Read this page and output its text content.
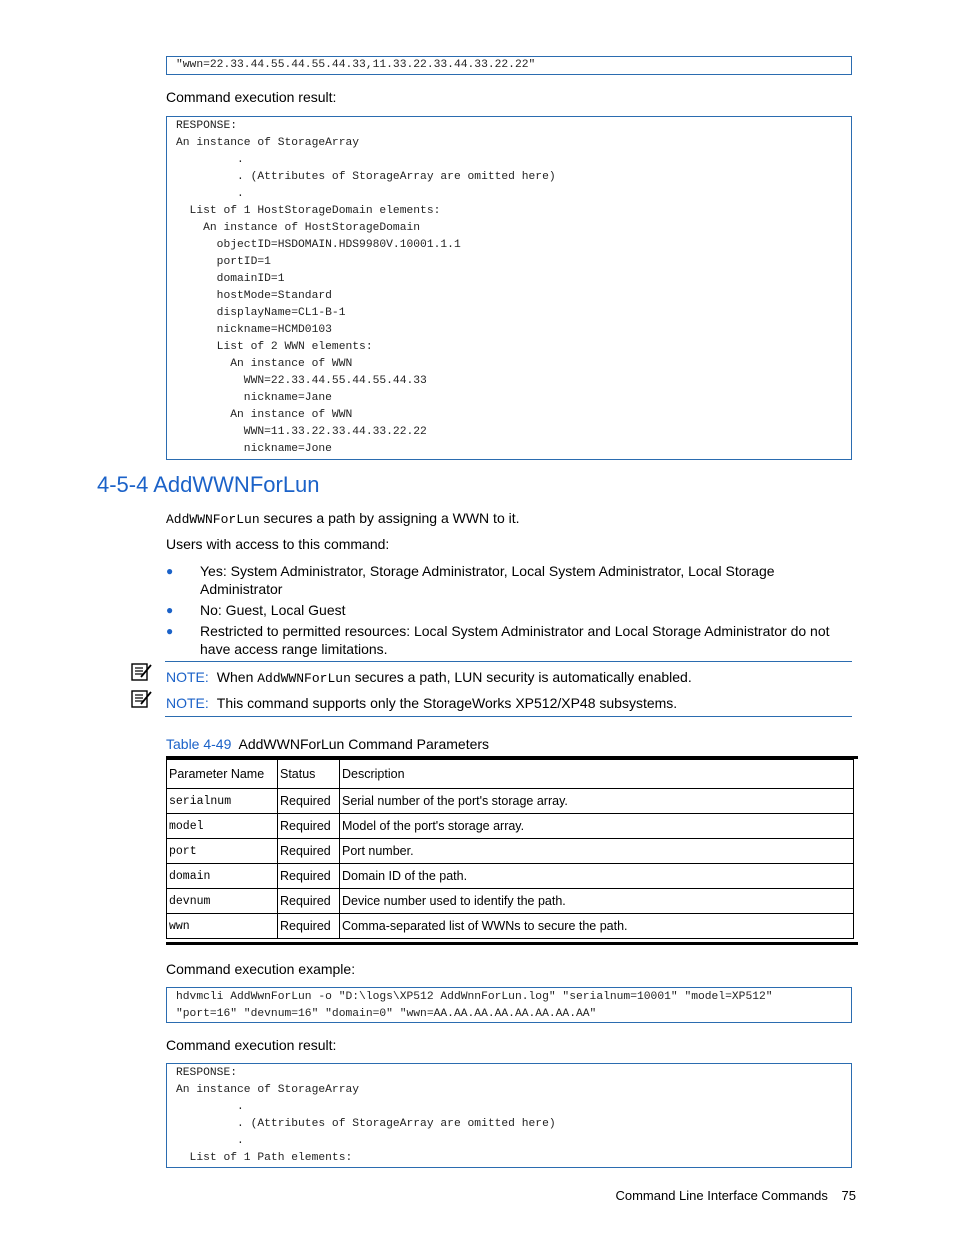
"wwn=22.33.44.55.44.55.44.33,11.33.22.33.44.33.22.22"
Command execution result:
RESPONSE:
An instance of StorageArray
.
. (Attributes of StorageArray are omitted here)
.
List of 1 HostStorageDomain elements:
An instance of HostStorageDomain
objectID=HSDOMAIN.HDS9980V.10001.1.1
portID=1
domainID=1
hostMode=Standard
displayName=CL1-B-1
nickname=HCMD0103
List of 2 WWN elements:
An instance of WWN
WWN=22.33.44.55.44.55.44.33
nickname=Jane
An instance of WWN
WWN=11.33.22.33.44.33.22.22
nickname=Jone
4-5-4 AddWWNForLun
AddWWNForLun secures a path by assigning a WWN to it.
Users with access to this command:
● Yes: System Administrator, Storage Administrator, Local System Administrator, Local Storage Administrator
● No: Guest, Local Guest
● Restricted to permitted resources: Local System Administrator and Local Storage Administrator do not have access range limitations.
NOTE: When AddWWNForLun secures a path, LUN security is automatically enabled.
NOTE: This command supports only the StorageWorks XP512/XP48 subsystems.
Table 4-49 AddWWNForLun Command Parameters
Parameter Name	Status	Description
serialnum	Required	Serial number of the port's storage array.
model	Required	Model of the port's storage array.
port	Required	Port number.
domain	Required	Domain ID of the path.
devnum	Required	Device number used to identify the path.
wwn	Required	Comma-separated list of WWNs to secure the path.
Command execution example:
hdvmcli AddWwnForLun -o "D:\logs\XP512 AddWnnForLun.log" "serialnum=10001" "model=XP512"
"port=16" "devnum=16" "domain=0" "wwn=AA.AA.AA.AA.AA.AA.AA.AA"
Command execution result:
RESPONSE:
An instance of StorageArray
.
. (Attributes of StorageArray are omitted here)
.
List of 1 Path elements:
Command Line Interface Commands 75
